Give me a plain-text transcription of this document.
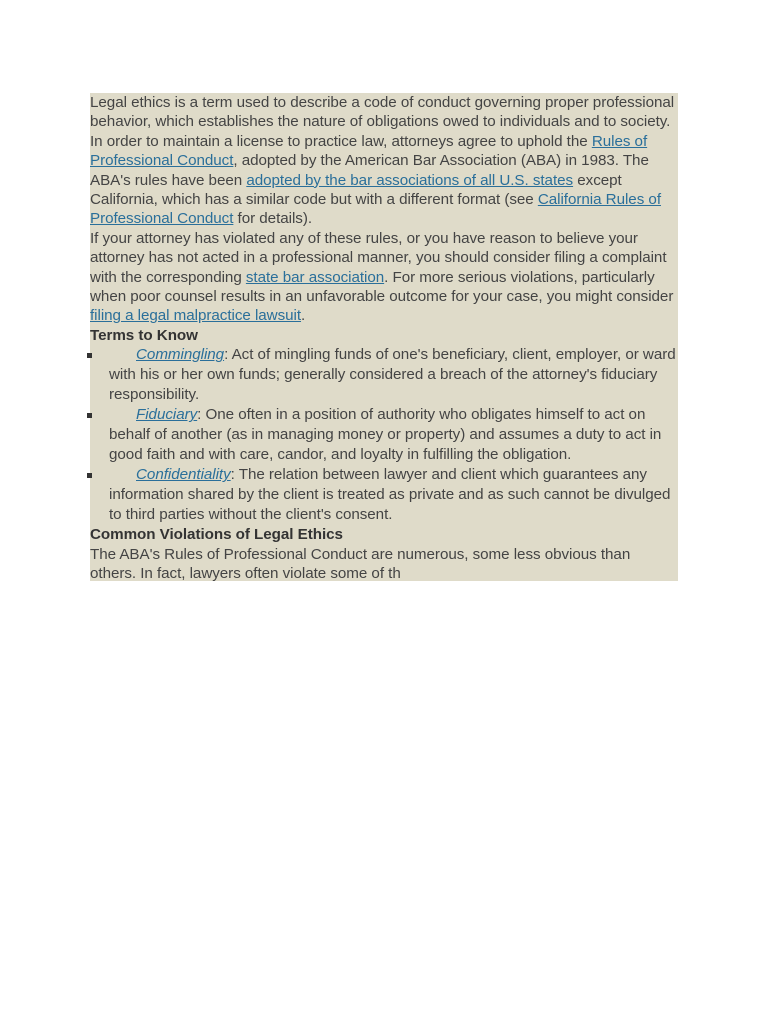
Legal ethics is a term used to describe a code of conduct governing proper professional behavior, which establishes the nature of obligations owed to individuals and to society. In order to maintain a license to practice law, attorneys agree to uphold the Rules of Professional Conduct, adopted by the American Bar Association (ABA) in 1983. The ABA's rules have been adopted by the bar associations of all U.S. states except California, which has a similar code but with a different format (see California Rules of Professional Conduct for details).

If your attorney has violated any of these rules, or you have reason to believe your attorney has not acted in a professional manner, you should consider filing a complaint with the corresponding state bar association. For more serious violations, particularly when poor counsel results in an unfavorable outcome for your case, you might consider filing a legal malpractice lawsuit.

Terms to Know
Commingling: Act of mingling funds of one's beneficiary, client, employer, or ward with his or her own funds; generally considered a breach of the attorney's fiduciary responsibility.
Fiduciary: One often in a position of authority who obligates himself to act on behalf of another (as in managing money or property) and assumes a duty to act in good faith and with care, candor, and loyalty in fulfilling the obligation.
Confidentiality: The relation between lawyer and client which guarantees any information shared by the client is treated as private and as such cannot be divulged to third parties without the client's consent.
Common Violations of Legal Ethics

The ABA's Rules of Professional Conduct are numerous, some less obvious than others. In fact, lawyers often violate some of th
